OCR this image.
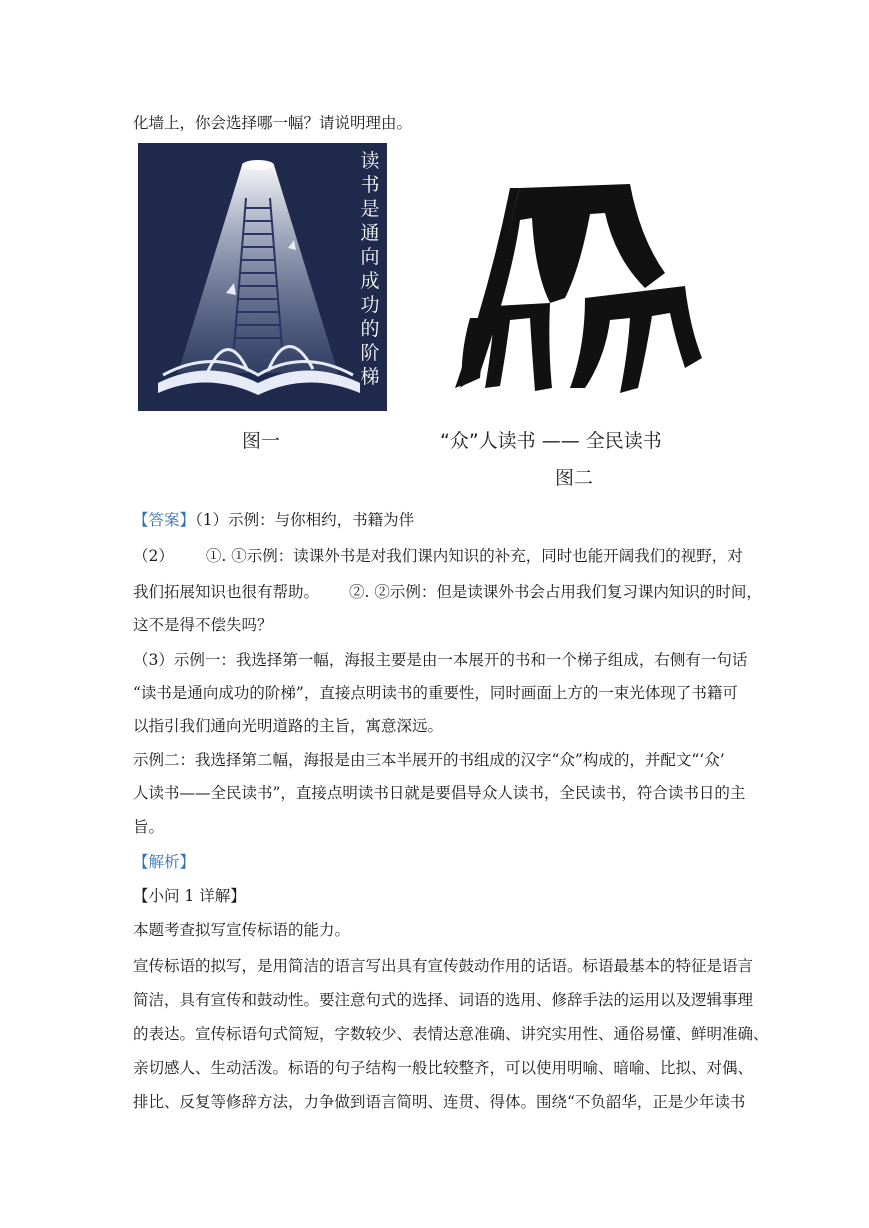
化墙上，你会选择哪一幅？请说明理由。
读
书
是
通
向
成
功
的
阶
梯
图一	“众”人读书 —— 全民读书
图二
【答案】（1）示例：与你相约，书籍为伴
（2） ①. ①示例：读课外书是对我们课内知识的补充，同时也能开阔我们的视野，对
我们拓展知识也很有帮助。 ②. ②示例：但是读课外书会占用我们复习课内知识的时间，
这不是得不偿失吗？
（3）示例一：我选择第一幅，海报主要是由一本展开的书和一个梯子组成，右侧有一句话
“读书是通向成功的阶梯”，直接点明读书的重要性，同时画面上方的一束光体现了书籍可
以指引我们通向光明道路的主旨，寓意深远。
示例二：我选择第二幅，海报是由三本半展开的书组成的汉字“众”构成的，并配文“‘众’
人读书——全民读书”，直接点明读书日就是要倡导众人读书，全民读书，符合读书日的主
旨。
【解析】
【小问 1 详解】
本题考查拟写宣传标语的能力。
宣传标语的拟写，是用简洁的语言写出具有宣传鼓动作用的话语。标语最基本的特征是语言
简洁，具有宣传和鼓动性。要注意句式的选择、词语的选用、修辞手法的运用以及逻辑事理
的表达。宣传标语句式简短，字数较少、表情达意准确、讲究实用性、通俗易懂、鲜明准确、
亲切感人、生动活泼。标语的句子结构一般比较整齐，可以使用明喻、暗喻、比拟、对偶、
排比、反复等修辞方法，力争做到语言简明、连贯、得体。围绕“不负韶华，正是少年读书
